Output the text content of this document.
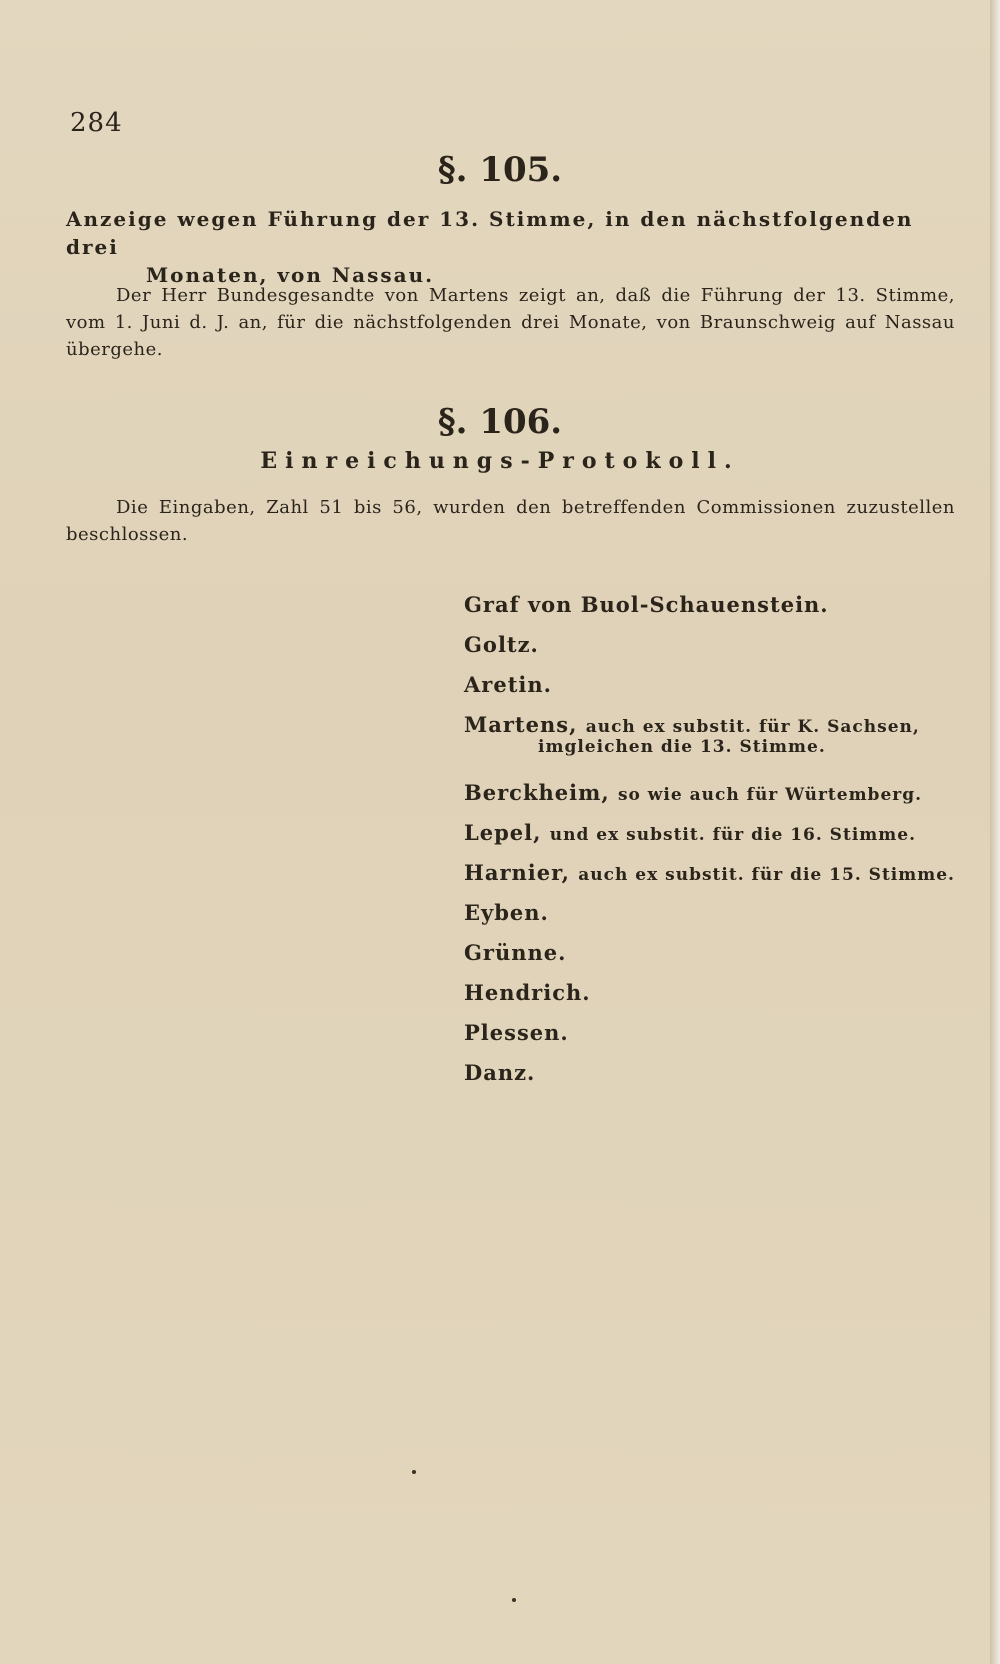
284
§. 105.
Anzeige wegen Führung der 13. Stimme, in den nächstfolgenden drei
Monaten, von Nassau.
Der Herr Bundesgesandte von Martens zeigt an, daß die Führung der 13. Stimme, vom 1. Juni d. J. an, für die nächstfolgenden drei Monate, von Braunschweig auf Nassau übergehe.
§. 106.
Einreichungs-Protokoll.
Die Eingaben, Zahl 51 bis 56, wurden den betreffenden Commissionen zuzustellen beschlossen.
Graf von Buol-Schauenstein.
Goltz.
Aretin.
Martens, auch ex substit. für K. Sachsen,
imgleichen die 13. Stimme.
Berckheim, so wie auch für Würtemberg.
Lepel, und ex substit. für die 16. Stimme.
Harnier, auch ex substit. für die 15. Stimme.
Eyben.
Grünne.
Hendrich.
Plessen.
Danz.
